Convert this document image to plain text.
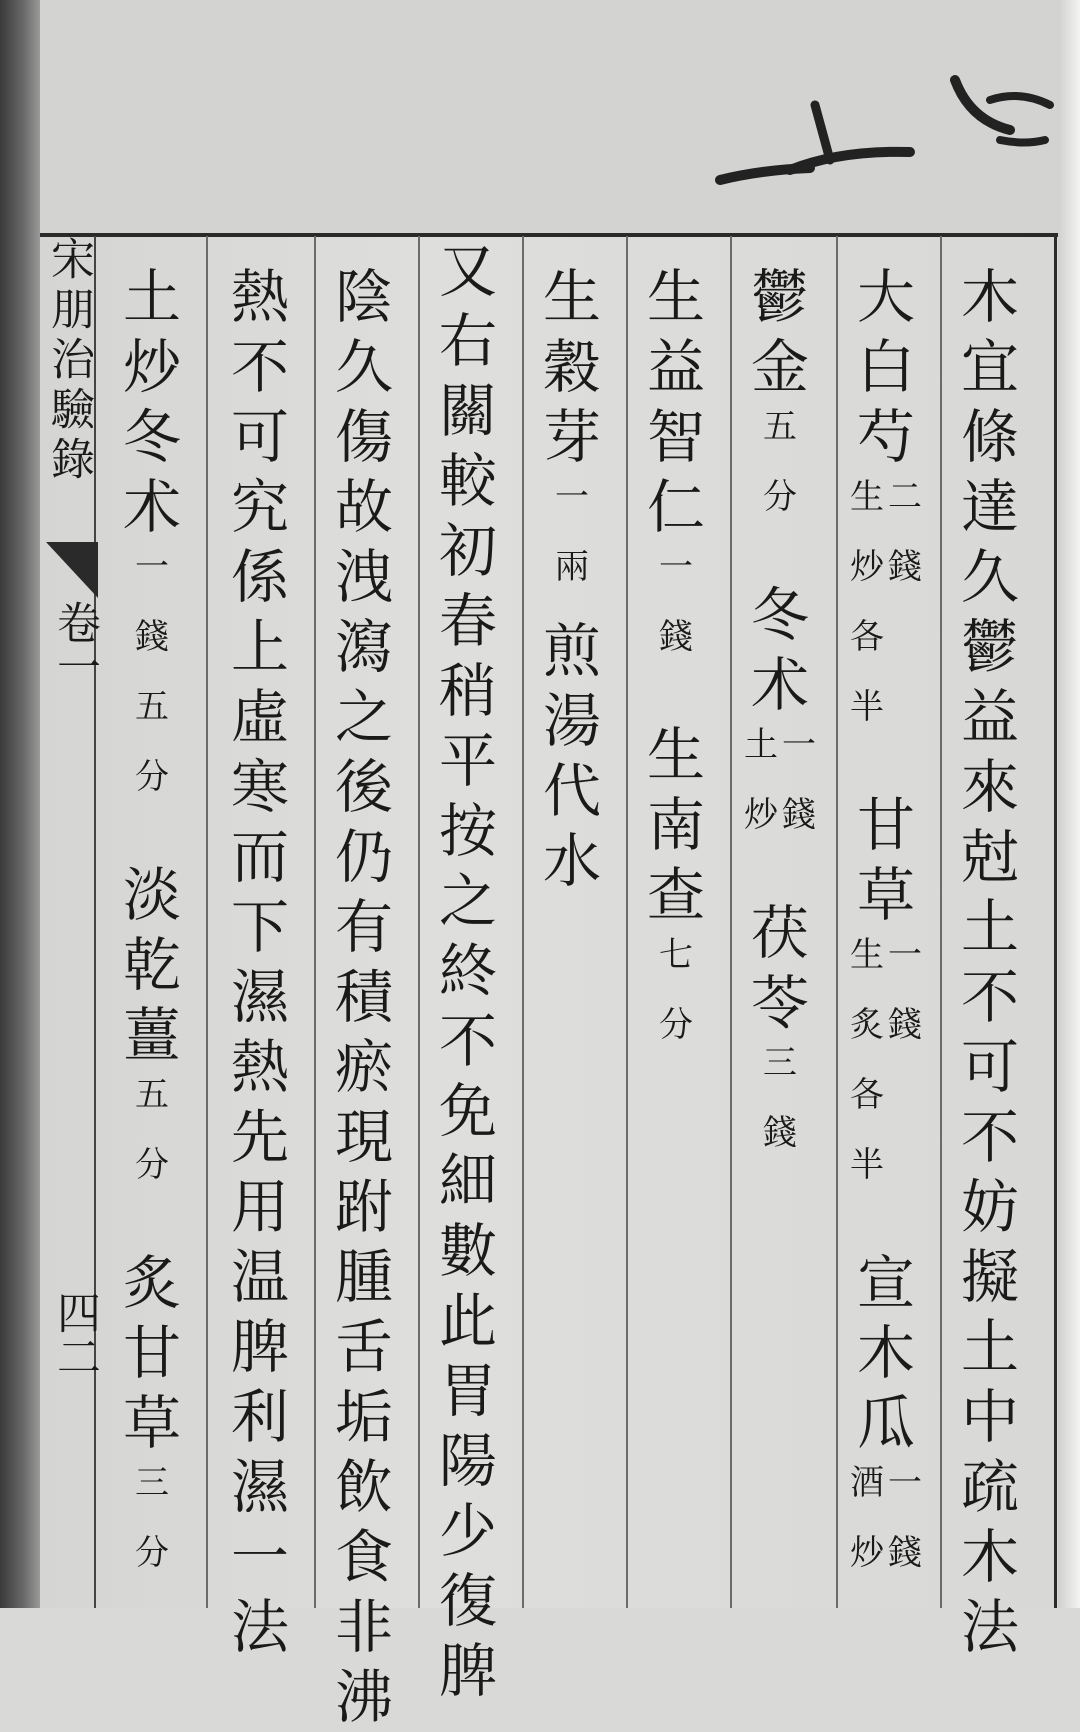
宋朋治驗錄
卷一
四二
木
宜
條
達
久
鬱
益
來
尅
土
不
可
不
妨
擬
土
中
疏
木
法
大
白
芍
二
錢
生
炒
各
半
甘
草
一
錢
生
炙
各
半
宣
木
瓜
一
錢
酒
炒
鬱
金
五
分
冬
术
一
錢
土
炒
茯
苓
三
錢
生
益
智
仁
一
錢
生
南
查
七
分
生
穀
芽
一
兩
煎
湯
代
水
又
右
關
較
初
春
稍
平
按
之
終
不
免
細
數
此
胃
陽
少
復
脾
陰
久
傷
故
洩
瀉
之
後
仍
有
積
瘀
現
跗
腫
舌
垢
飲
食
非
沸
熱
不
可
究
係
上
虛
寒
而
下
濕
熱
先
用
温
脾
利
濕
一
法
土
炒
冬
术
一
錢
五
分
淡
乾
薑
五
分
炙
甘
草
三
分
